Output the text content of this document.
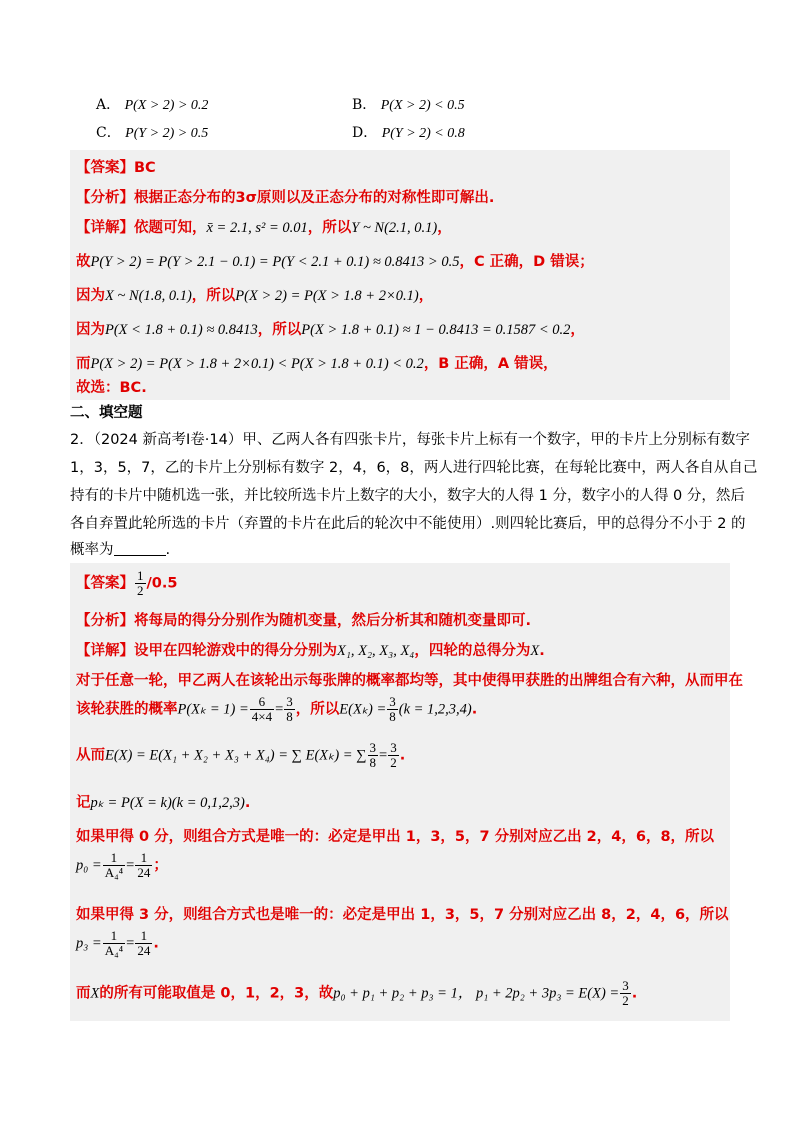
A． P(X > 2) > 0.2	B． P(X > 2) < 0.5
C． P(Y > 2) > 0.5	D． P(Y > 2) < 0.8
【答案】BC
【分析】根据正态分布的3σ原则以及正态分布的对称性即可解出.
【详解】依题可知，x̄ = 2.1, s² = 0.01，所以Y ~ N(2.1, 0.1)，
故P(Y > 2) = P(Y > 2.1 − 0.1) = P(Y < 2.1 + 0.1) ≈ 0.8413 > 0.5，C 正确，D 错误；
因为X ~ N(1.8, 0.1)，所以P(X > 2) = P(X > 1.8 + 2×0.1)，
因为P(X < 1.8 + 0.1) ≈ 0.8413，所以P(X > 1.8 + 0.1) ≈ 1 − 0.8413 = 0.1587 < 0.2，
而P(X > 2) = P(X > 1.8 + 2×0.1) < P(X > 1.8 + 0.1) < 0.2，B 正确，A 错误，
故选：BC.
二、填空题
2．（2024 新高考Ⅰ卷·14）甲、乙两人各有四张卡片，每张卡片上标有一个数字，甲的卡片上分别标有数字
1，3，5，7，乙的卡片上分别标有数字 2，4，6，8，两人进行四轮比赛，在每轮比赛中，两人各自从自己
持有的卡片中随机选一张，并比较所选卡片上数字的大小，数字大的人得 1 分，数字小的人得 0 分，然后
各自弃置此轮所选的卡片（弃置的卡片在此后的轮次中不能使用）.则四轮比赛后，甲的总得分不小于 2 的
概率为	.
【答案】 $\frac{1}{2} /0.5$
【分析】将每局的得分分别作为随机变量，然后分析其和随机变量即可.
【详解】设甲在四轮游戏中的得分分别为X₁, X₂, X₃, X₄，四轮的总得分为X.
对于任意一轮，甲乙两人在该轮出示每张牌的概率都均等，其中使得甲获胜的出牌组合有六种，从而甲在
该轮获胜的概率$P(X_k = 1) = \frac{6}{4\times 4} = \frac{3}{8}$ ，所以$E(X_k) = \frac{3}{8} (k = 1,2,3,4)$.
从而E(X) = E(X₁ + X₂ + X₃ + X₄) = ∑ E(Xₖ) = ∑ $\frac{3}{8} = \frac{3}{2}$ .
记pₖ = P(X = k)(k = 0,1,2,3).
如果甲得 0 分，则组合方式是唯一的：必定是甲出 1，3，5，7 分别对应乙出 2，4，6，8，所以
$p_0 = \frac{1}{\text{A₄⁴}} = \frac{1}{24}$ ；
如果甲得 3 分，则组合方式也是唯一的：必定是甲出 1，3，5，7 分别对应乙出 8，2，4，6，所以
$p_3 = \frac{1}{\text{A₄⁴}} = \frac{1}{24}$ .
而X的所有可能取值是 0，1，2，3，故p₀ + p₁ + p₂ + p₃ = 1， $p_1 + 2p_2 + 3p_3 = E(X) = \frac{3}{2}$ .
